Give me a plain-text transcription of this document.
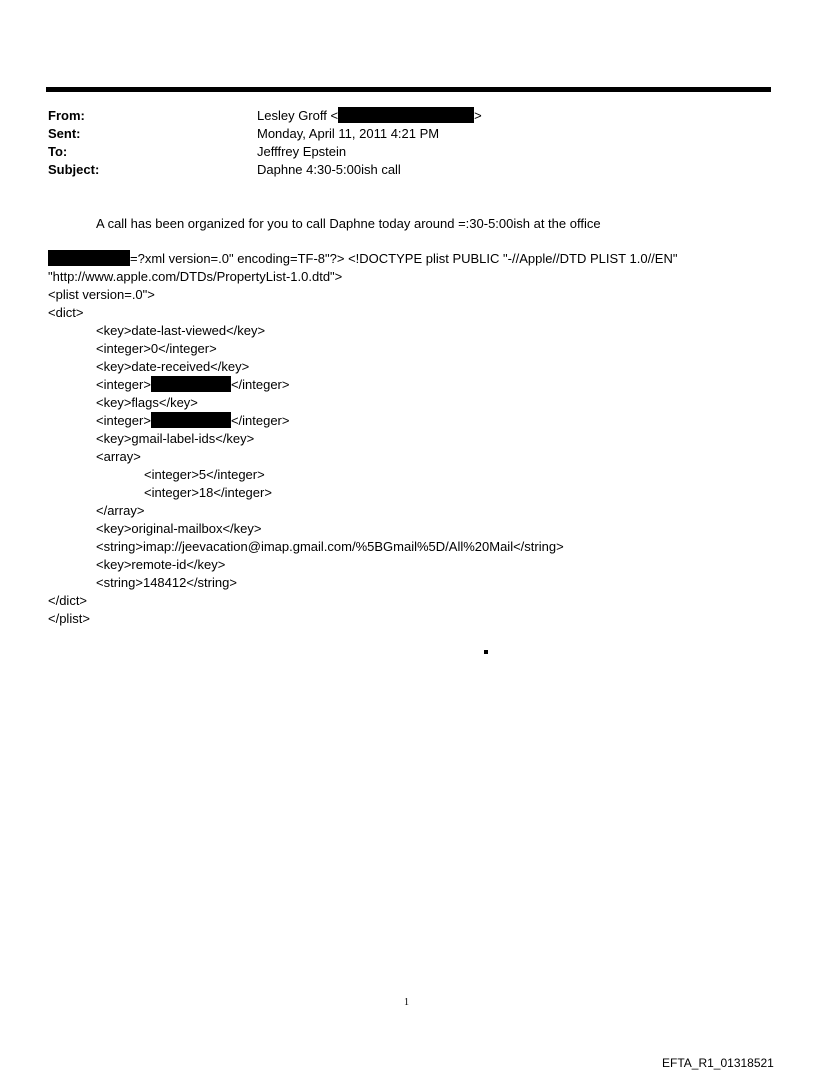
From:	Lesley Groff <	>
Sent:	Monday, April 11, 2011 4:21 PM
To:	Jefffrey Epstein
Subject:	Daphne 4:30-5:00ish call
A call has been organized for you to call Daphne today around =:30-5:00ish at the office
=?xml version=.0" encoding=TF-8"?> <!DOCTYPE plist PUBLIC "-//Apple//DTD PLIST 1.0//EN"
"http://www.apple.com/DTDs/PropertyList-1.0.dtd">
<plist version=.0">
<dict>
<key>date-last-viewed</key>
<integer>0</integer>
<key>date-received</key>
<integer>	</integer>
<key>flags</key>
<integer>	</integer>
<key>gmail-label-ids</key>
<array>
<integer>5</integer>
<integer>18</integer>
</array>
<key>original-mailbox</key>
<string>imap://jeevacation@imap.gmail.com/%5BGmail%5D/All%20Mail</string>
<key>remote-id</key>
<string>148412</string>
</dict>
</plist>
1
EFTA_R1_01318521
